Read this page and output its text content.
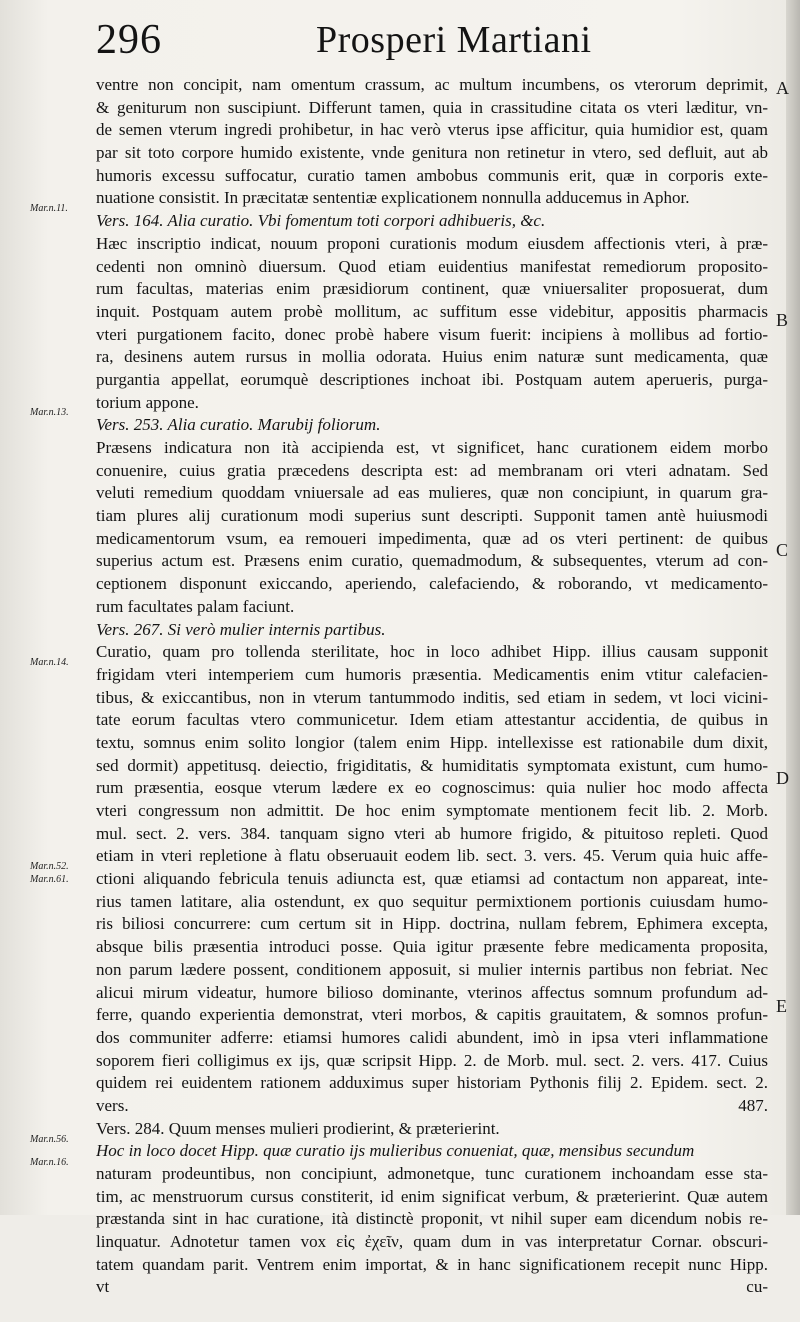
296	Prosperi Martiani
Mar.n.11.
Mar.n.13.
Mar.n.14.
Mar.n.52.
Mar.n.61.
Mar.n.56.
Mar.n.16.
A
B
C
D
E
ventre non concipit, nam omentum crassum, ac multum incumbens, os vterorum deprimit,
& geniturum non suscipiunt. Differunt tamen, quia in crassitudine citata os vteri læditur, vn-
de semen vterum ingredi prohibetur, in hac verò vterus ipse afficitur, quia humidior est, quam
par sit toto corpore humido existente, vnde genitura non retinetur in vtero, sed defluit, aut ab
humoris excessu suffocatur, curatio tamen ambobus communis erit, quæ in corporis exte-
nuatione consistit. In præcitatæ sententiæ explicationem nonnulla adducemus in Aphor.
Vers. 164. Alia curatio. Vbi fomentum toti corpori adhibueris, &c.
Hæc inscriptio indicat, nouum proponi curationis modum eiusdem affectionis vteri, à præ-
cedenti non omninò diuersum. Quod etiam euidentius manifestat remediorum proposito-
rum facultas, materias enim præsidiorum continent, quæ vniuersaliter proposuerat, dum
inquit. Postquam autem probè mollitum, ac suffitum esse videbitur, appositis pharmacis
vteri purgationem facito, donec probè habere visum fuerit: incipiens à mollibus ad fortio-
ra, desinens autem rursus in mollia odorata. Huius enim naturæ sunt medicamenta, quæ
purgantia appellat, eorumquè descriptiones inchoat ibi. Postquam autem aperueris, purga-
torium appone.
Vers. 253. Alia curatio. Marubij foliorum.
Præsens indicatura non ità accipienda est, vt significet, hanc curationem eidem morbo
conuenire, cuius gratia præcedens descripta est: ad membranam ori vteri adnatam. Sed
veluti remedium quoddam vniuersale ad eas mulieres, quæ non concipiunt, in quarum gra-
tiam plures alij curationum modi superius sunt descripti. Supponit tamen antè huiusmodi
medicamentorum vsum, ea remoueri impedimenta, quæ ad os vteri pertinent: de quibus
superius actum est. Præsens enim curatio, quemadmodum, & subsequentes, vterum ad con-
ceptionem disponunt exiccando, aperiendo, calefaciendo, & roborando, vt medicamento-
rum facultates palam faciunt.
Vers. 267. Si verò mulier internis partibus.
Curatio, quam pro tollenda sterilitate, hoc in loco adhibet Hipp. illius causam supponit
frigidam vteri intemperiem cum humoris præsentia. Medicamentis enim vtitur calefacien-
tibus, & exiccantibus, non in vterum tantummodo inditis, sed etiam in sedem, vt loci vicini-
tate eorum facultas vtero communicetur. Idem etiam attestantur accidentia, de quibus in
textu, somnus enim solito longior (talem enim Hipp. intellexisse est rationabile dum dixit,
sed dormit) appetitusq. deiectio, frigiditatis, & humiditatis symptomata existunt, cum humo-
rum præsentia, eosque vterum lædere ex eo cognoscimus: quia nulier hoc modo affecta
vteri congressum non admittit. De hoc enim symptomate mentionem fecit lib. 2. Morb.
mul. sect. 2. vers. 384. tanquam signo vteri ab humore frigido, & pituitoso repleti. Quod
etiam in vteri repletione à flatu obseruauit eodem lib. sect. 3. vers. 45. Verum quia huic affe-
ctioni aliquando febricula tenuis adiuncta est, quæ etiamsi ad contactum non appareat, inte-
rius tamen latitare, alia ostendunt, ex quo sequitur permixtionem portionis cuiusdam humo-
ris biliosi concurrere: cum certum sit in Hipp. doctrina, nullam febrem, Ephimera excepta,
absque bilis præsentia introduci posse. Quia igitur præsente febre medicamenta proposita,
non parum lædere possent, conditionem apposuit, si mulier internis partibus non febriat. Nec
alicui mirum videatur, humore bilioso dominante, vterinos affectus somnum profundum ad-
ferre, quando experientia demonstrat, vteri morbos, & capitis grauitatem, & somnos profun-
dos communiter adferre: etiamsi humores calidi abundent, imò in ipsa vteri inflammatione
soporem fieri colligimus ex ijs, quæ scripsit Hipp. 2. de Morb. mul. sect. 2. vers. 417. Cuius
quidem rei euidentem rationem adduximus super historiam Pythonis filij 2. Epidem. sect. 2.
vers. 487.
Vers. 284. Quum menses mulieri prodierint, & præterierint.
Hoc in loco docet Hipp. quæ curatio ijs mulieribus conueniat, quæ, mensibus secundum
naturam prodeuntibus, non concipiunt, admonetque, tunc curationem inchoandam esse sta-
tim, ac menstruorum cursus constiterit, id enim significat verbum, & præterierint. Quæ autem
præstanda sint in hac curatione, ità distinctè proponit, vt nihil super eam dicendum nobis re-
linquatur. Adnotetur tamen vox εἰς ἐχεῖν, quam dum in vas interpretatur Cornar. obscuri-
tatem quandam parit. Ventrem enim importat, & in hanc significationem recepit nunc Hipp.
vt cu-
